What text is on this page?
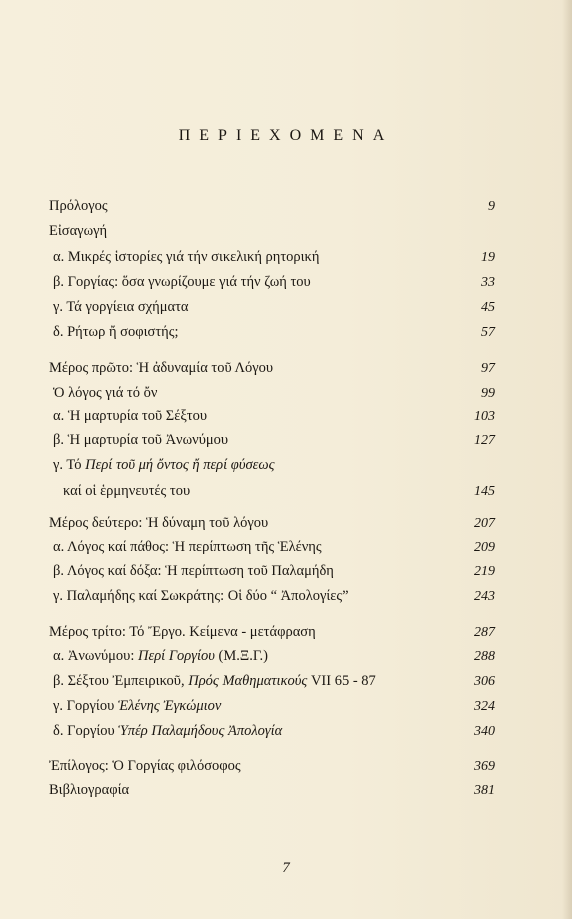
ΠΕΡΙΕΧΟΜΕΝΑ
Πρόλογος	9
Εἰσαγωγή
α. Μικρές ἱστορίες γιά τήν σικελική ρητορική	19
β. Γοργίας: ὅσα γνωρίζουμε γιά τήν ζωή του	33
γ. Τά γοργίεια σχήματα	45
δ. Ρήτωρ ἤ σοφιστής;	57
Μέρος πρῶτο: Ἡ ἀδυναμία τοῦ Λόγου	97
Ὁ λόγος γιά τό ὄν	99
α. Ἡ μαρτυρία τοῦ Σέξτου	103
β. Ἡ μαρτυρία τοῦ Ἀνωνύμου	127
γ. Τό Περί τοῦ μή ὄντος ἤ περί φύσεως
καί οἱ ἑρμηνευτές του	145
Μέρος δεύτερο: Ἡ δύναμη τοῦ λόγου	207
α. Λόγος καί πάθος: Ἡ περίπτωση τῆς Ἑλένης	209
β. Λόγος καί δόξα: Ἡ περίπτωση τοῦ Παλαμήδη	219
γ. Παλαμήδης καί Σωκράτης: Οἱ δύο “ Ἀπολογίες”	243
Μέρος τρίτο: Τό Ἔργο. Κείμενα - μετάφραση	287
α. Ἀνωνύμου: Περί Γοργίου (Μ.Ξ.Γ.)	288
β. Σέξτου Ἐμπειρικοῦ, Πρός Μαθηματικούς VII 65 - 87	306
γ. Γοργίου Ἑλένης Ἐγκώμιον	324
δ. Γοργίου Ὑπέρ Παλαμήδους Ἀπολογία	340
Ἐπίλογος: Ὁ Γοργίας φιλόσοφος	369
Βιβλιογραφία	381
7
